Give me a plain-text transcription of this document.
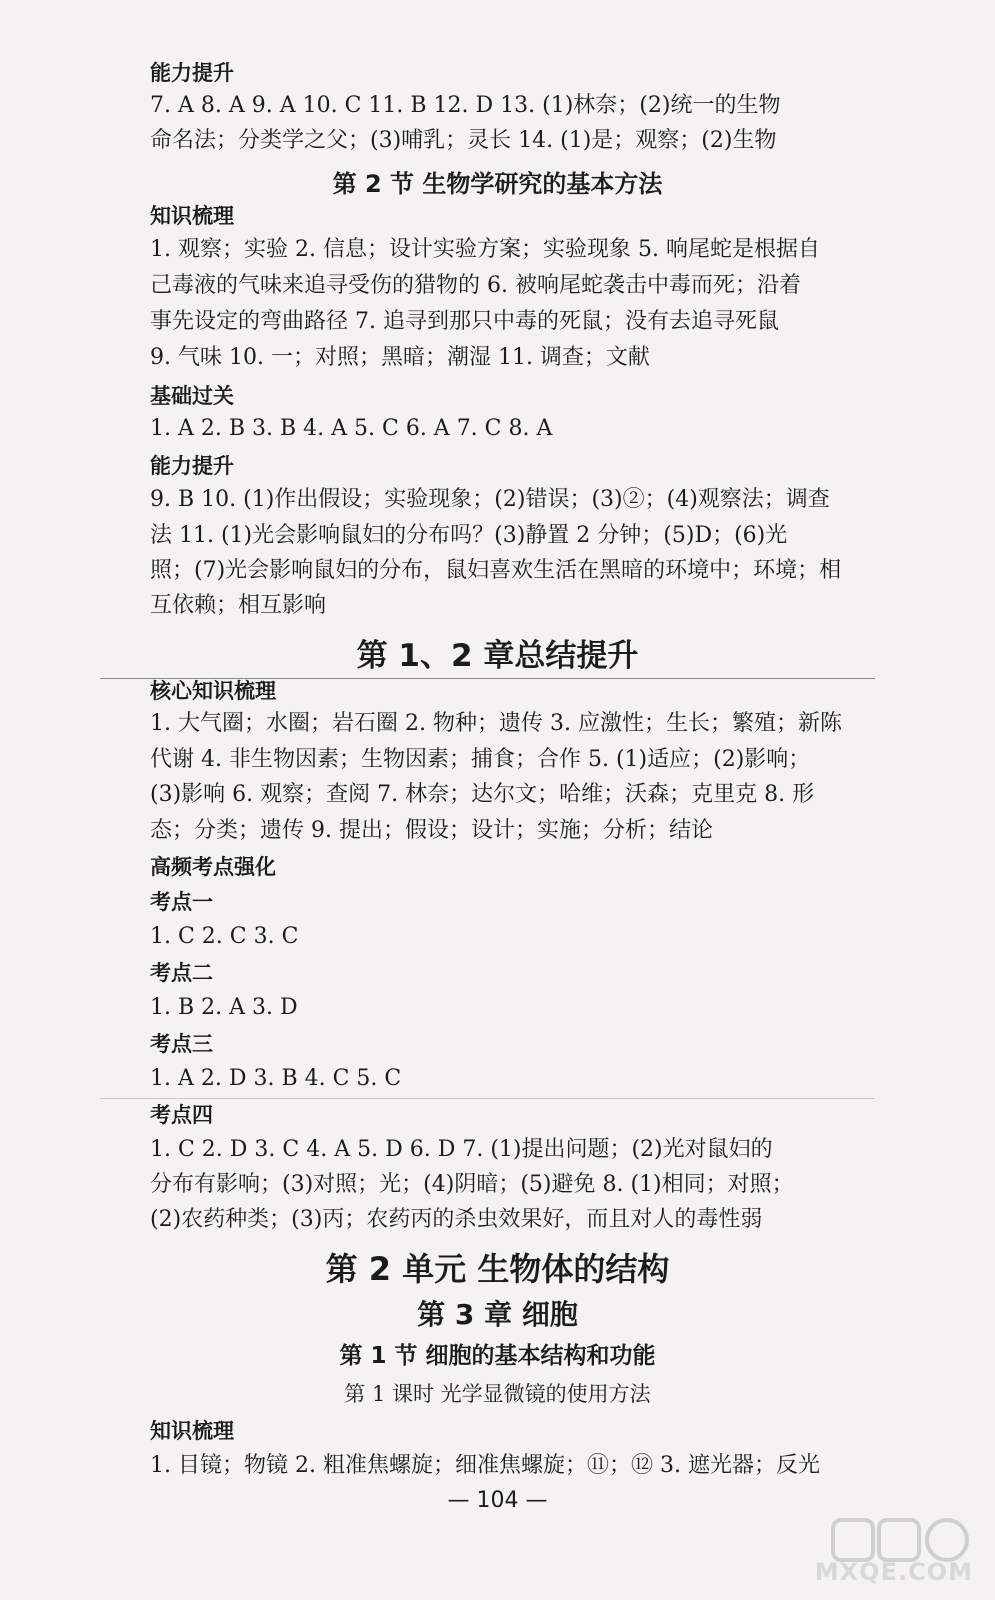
能力提升
7. A 8. A 9. A 10. C 11. B 12. D 13. (1)林奈；(2)统一的生物
命名法；分类学之父；(3)哺乳；灵长 14. (1)是；观察；(2)生物
第 2 节 生物学研究的基本方法
知识梳理
1. 观察；实验 2. 信息；设计实验方案；实验现象 5. 响尾蛇是根据自
己毒液的气味来追寻受伤的猎物的 6. 被响尾蛇袭击中毒而死；沿着
事先设定的弯曲路径 7. 追寻到那只中毒的死鼠；没有去追寻死鼠
9. 气味 10. 一；对照；黑暗；潮湿 11. 调查；文献
基础过关
1. A 2. B 3. B 4. A 5. C 6. A 7. C 8. A
能力提升
9. B 10. (1)作出假设；实验现象；(2)错误；(3)②；(4)观察法；调查
法 11. (1)光会影响鼠妇的分布吗？(3)静置 2 分钟；(5)D；(6)光
照；(7)光会影响鼠妇的分布，鼠妇喜欢生活在黑暗的环境中；环境；相
互依赖；相互影响
第 1、2 章总结提升
核心知识梳理
1. 大气圈；水圈；岩石圈 2. 物种；遗传 3. 应激性；生长；繁殖；新陈
代谢 4. 非生物因素；生物因素；捕食；合作 5. (1)适应；(2)影响；
(3)影响 6. 观察；查阅 7. 林奈；达尔文；哈维；沃森；克里克 8. 形
态；分类；遗传 9. 提出；假设；设计；实施；分析；结论
高频考点强化
考点一
1. C 2. C 3. C
考点二
1. B 2. A 3. D
考点三
1. A 2. D 3. B 4. C 5. C
考点四
1. C 2. D 3. C 4. A 5. D 6. D 7. (1)提出问题；(2)光对鼠妇的
分布有影响；(3)对照；光；(4)阴暗；(5)避免 8. (1)相同；对照；
(2)农药种类；(3)丙；农药丙的杀虫效果好，而且对人的毒性弱
第 2 单元 生物体的结构
第 3 章 细胞
第 1 节 细胞的基本结构和功能
第 1 课时 光学显微镜的使用方法
知识梳理
1. 目镜；物镜 2. 粗准焦螺旋；细准焦螺旋；⑪；⑫ 3. 遮光器；反光
— 104 —
MXQE.COM
